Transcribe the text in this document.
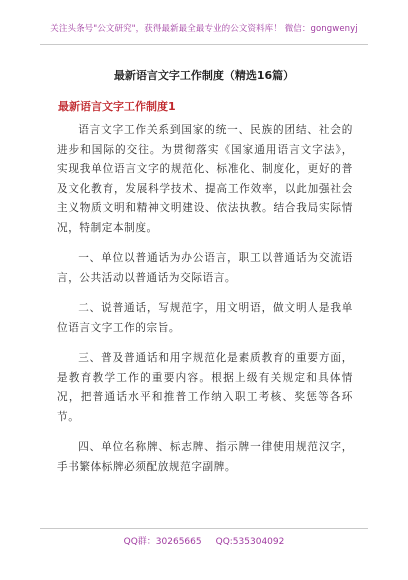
关注头条号"公文研究"，获得最新最全最专业的公文资料库！ 微信：gongwenyj
最新语言文字工作制度（精选16篇）
最新语言文字工作制度1

语言文字工作关系到国家的统一、民族的团结、社会的进步和国际的交往。为贯彻落实《国家通用语言文字法》，实现我单位语言文字的规范化、标准化、制度化，更好的普及文化教育，发展科学技术、提高工作效率，以此加强社会主义物质文明和精神文明建设、依法执教。结合我局实际情况，特制定本制度。

一、单位以普通话为办公语言，职工以普通话为交流语言，公共活动以普通话为交际语言。

二、说普通话，写规范字，用文明语，做文明人是我单位语言文字工作的宗旨。

三、普及普通话和用字规范化是素质教育的重要方面，是教育教学工作的重要内容。根据上级有关规定和具体情况，把普通话水平和推普工作纳入职工考核、奖惩等各环节。

四、单位名称牌、标志牌、指示牌一律使用规范汉字，手书繁体标牌必须配放规范字副牌。

QQ群：30265665 QQ:535304092
